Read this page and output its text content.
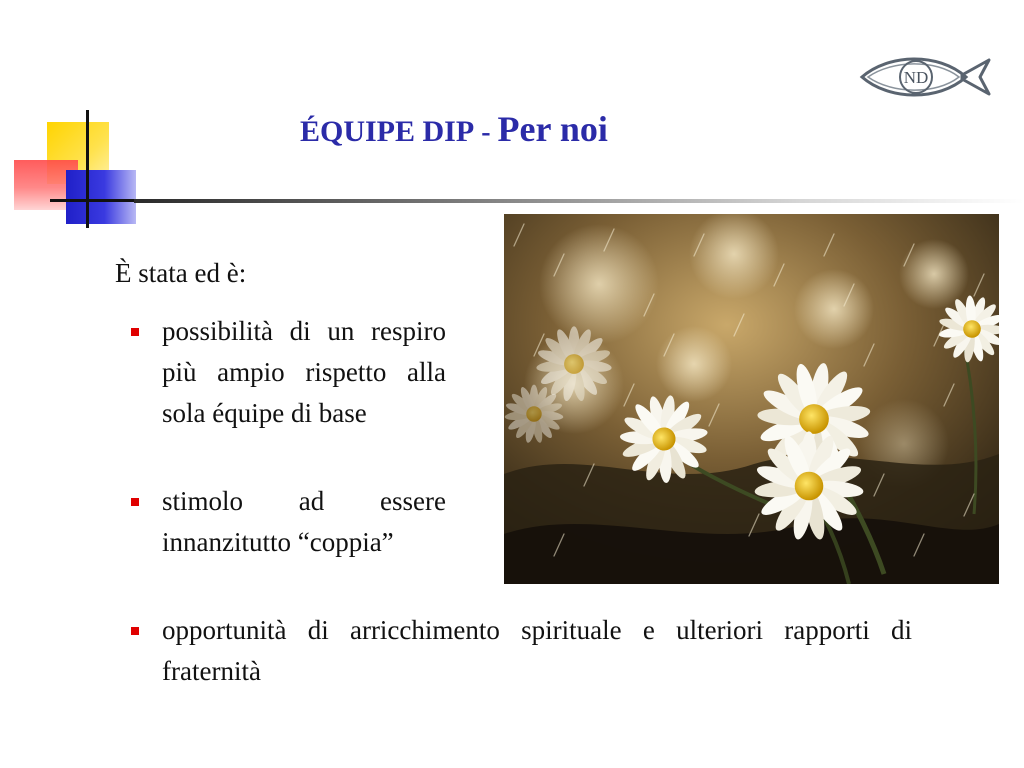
ÉQUIPE DIP - Per noi
ND
È stata ed è:
possibilità di un respiro più ampio rispetto alla sola équipe di base
stimolo ad essere innanzitutto “coppia”
opportunità di arricchimento spirituale e ulteriori rapporti di fraternità
